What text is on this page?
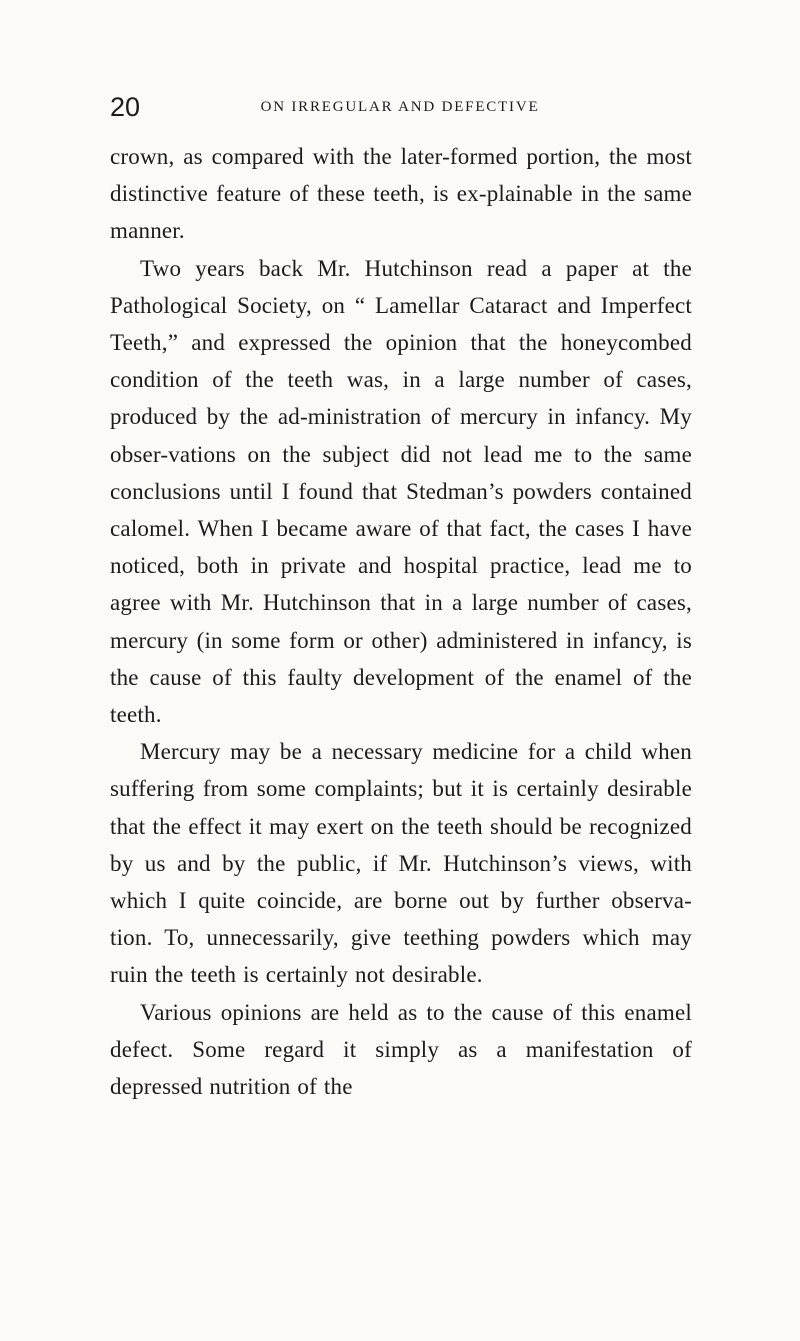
20	ON IRREGULAR AND DEFECTIVE

crown, as compared with the later-formed portion, the most distinctive feature of these teeth, is ex-plainable in the same manner.

Two years back Mr. Hutchinson read a paper at the Pathological Society, on “ Lamellar Cataract and Imperfect Teeth,” and expressed the opinion that the honeycombed condition of the teeth was, in a large number of cases, produced by the ad-ministration of mercury in infancy. My obser-vations on the subject did not lead me to the same conclusions until I found that Stedman’s powders contained calomel. When I became aware of that fact, the cases I have noticed, both in private and hospital practice, lead me to agree with Mr. Hutchinson that in a large number of cases, mercury (in some form or other) administered in infancy, is the cause of this faulty development of the enamel of the teeth.

Mercury may be a necessary medicine for a child when suffering from some complaints; but it is certainly desirable that the effect it may exert on the teeth should be recognized by us and by the public, if Mr. Hutchinson’s views, with which I quite coincide, are borne out by further observa-tion. To, unnecessarily, give teething powders which may ruin the teeth is certainly not desirable.

Various opinions are held as to the cause of this enamel defect. Some regard it simply as a manifestation of depressed nutrition of the
